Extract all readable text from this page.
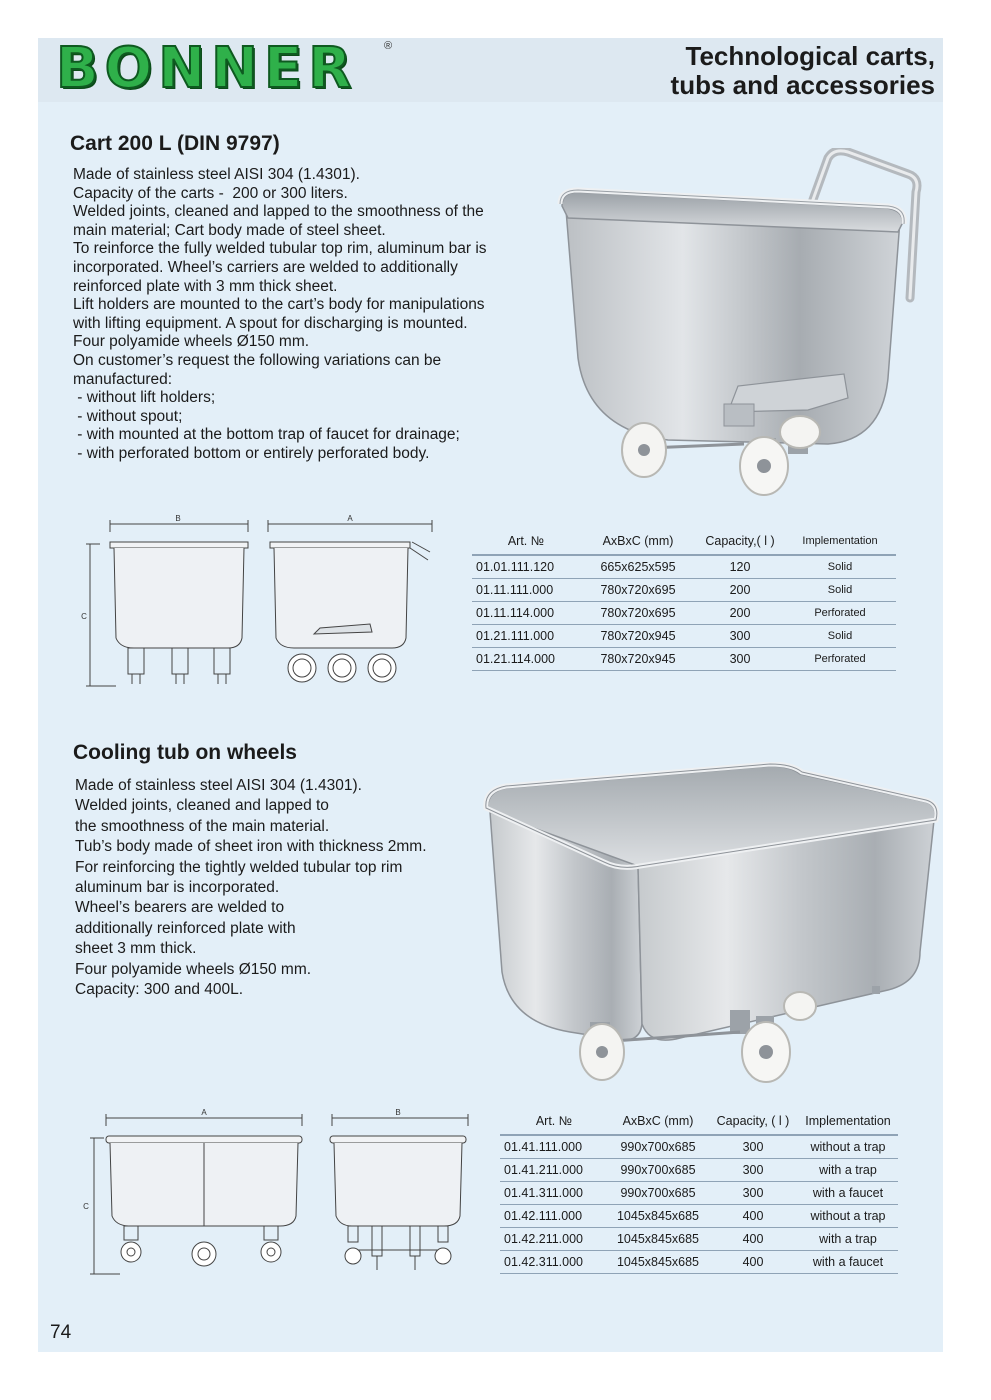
BONNER ®	Technological carts,
tubs and accessories
Cart 200 L (DIN 9797)
Made of stainless steel AISI 304 (1.4301).
Capacity of the carts -  200 or 300 liters.
Welded joints, cleaned and lapped to the smoothness of the
main material; Cart body made of steel sheet.
To reinforce the fully welded tubular top rim, aluminum bar is
incorporated. Wheel’s carriers are welded to additionally
reinforced plate with 3 mm thick sheet.
Lift holders are mounted to the cart’s body for manipulations
with lifting equipment. A spout for discharging is mounted.
Four polyamide wheels Ø150 mm.
On customer’s request the following variations can be
manufactured:
- without lift holders;
- without spout;
- with mounted at the bottom trap of faucet for drainage;
- with perforated bottom or entirely perforated body.
B	A
C
Art. №	AxBxC (mm)	Capacity,( l )	Implementation
01.01.111.120	665x625x595	120	Solid
01.11.111.000	780x720x695	200	Solid
01.11.114.000	780x720x695	200	Perforated
01.21.111.000	780x720x945	300	Solid
01.21.114.000	780x720x945	300	Perforated
Cooling tub on wheels
Made of stainless steel AISI 304 (1.4301).
Welded joints, cleaned and lapped to
the smoothness of the main material.
Tub’s body made of sheet iron with thickness 2mm.
For reinforcing the tightly welded tubular top rim
aluminum bar is incorporated.
Wheel’s bearers are welded to
additionally reinforced plate with
sheet 3 mm thick.
Four polyamide wheels Ø150 mm.
Capacity: 300 and 400L.
A	B
C
Art. №	AxBxC (mm)	Capacity, ( l )	Implementation
01.41.111.000	990x700x685	300	without a trap
01.41.211.000	990x700x685	300	with a trap
01.41.311.000	990x700x685	300	with a faucet
01.42.111.000	1045x845x685	400	without a trap
01.42.211.000	1045x845x685	400	with a trap
01.42.311.000	1045x845x685	400	with a faucet
74
